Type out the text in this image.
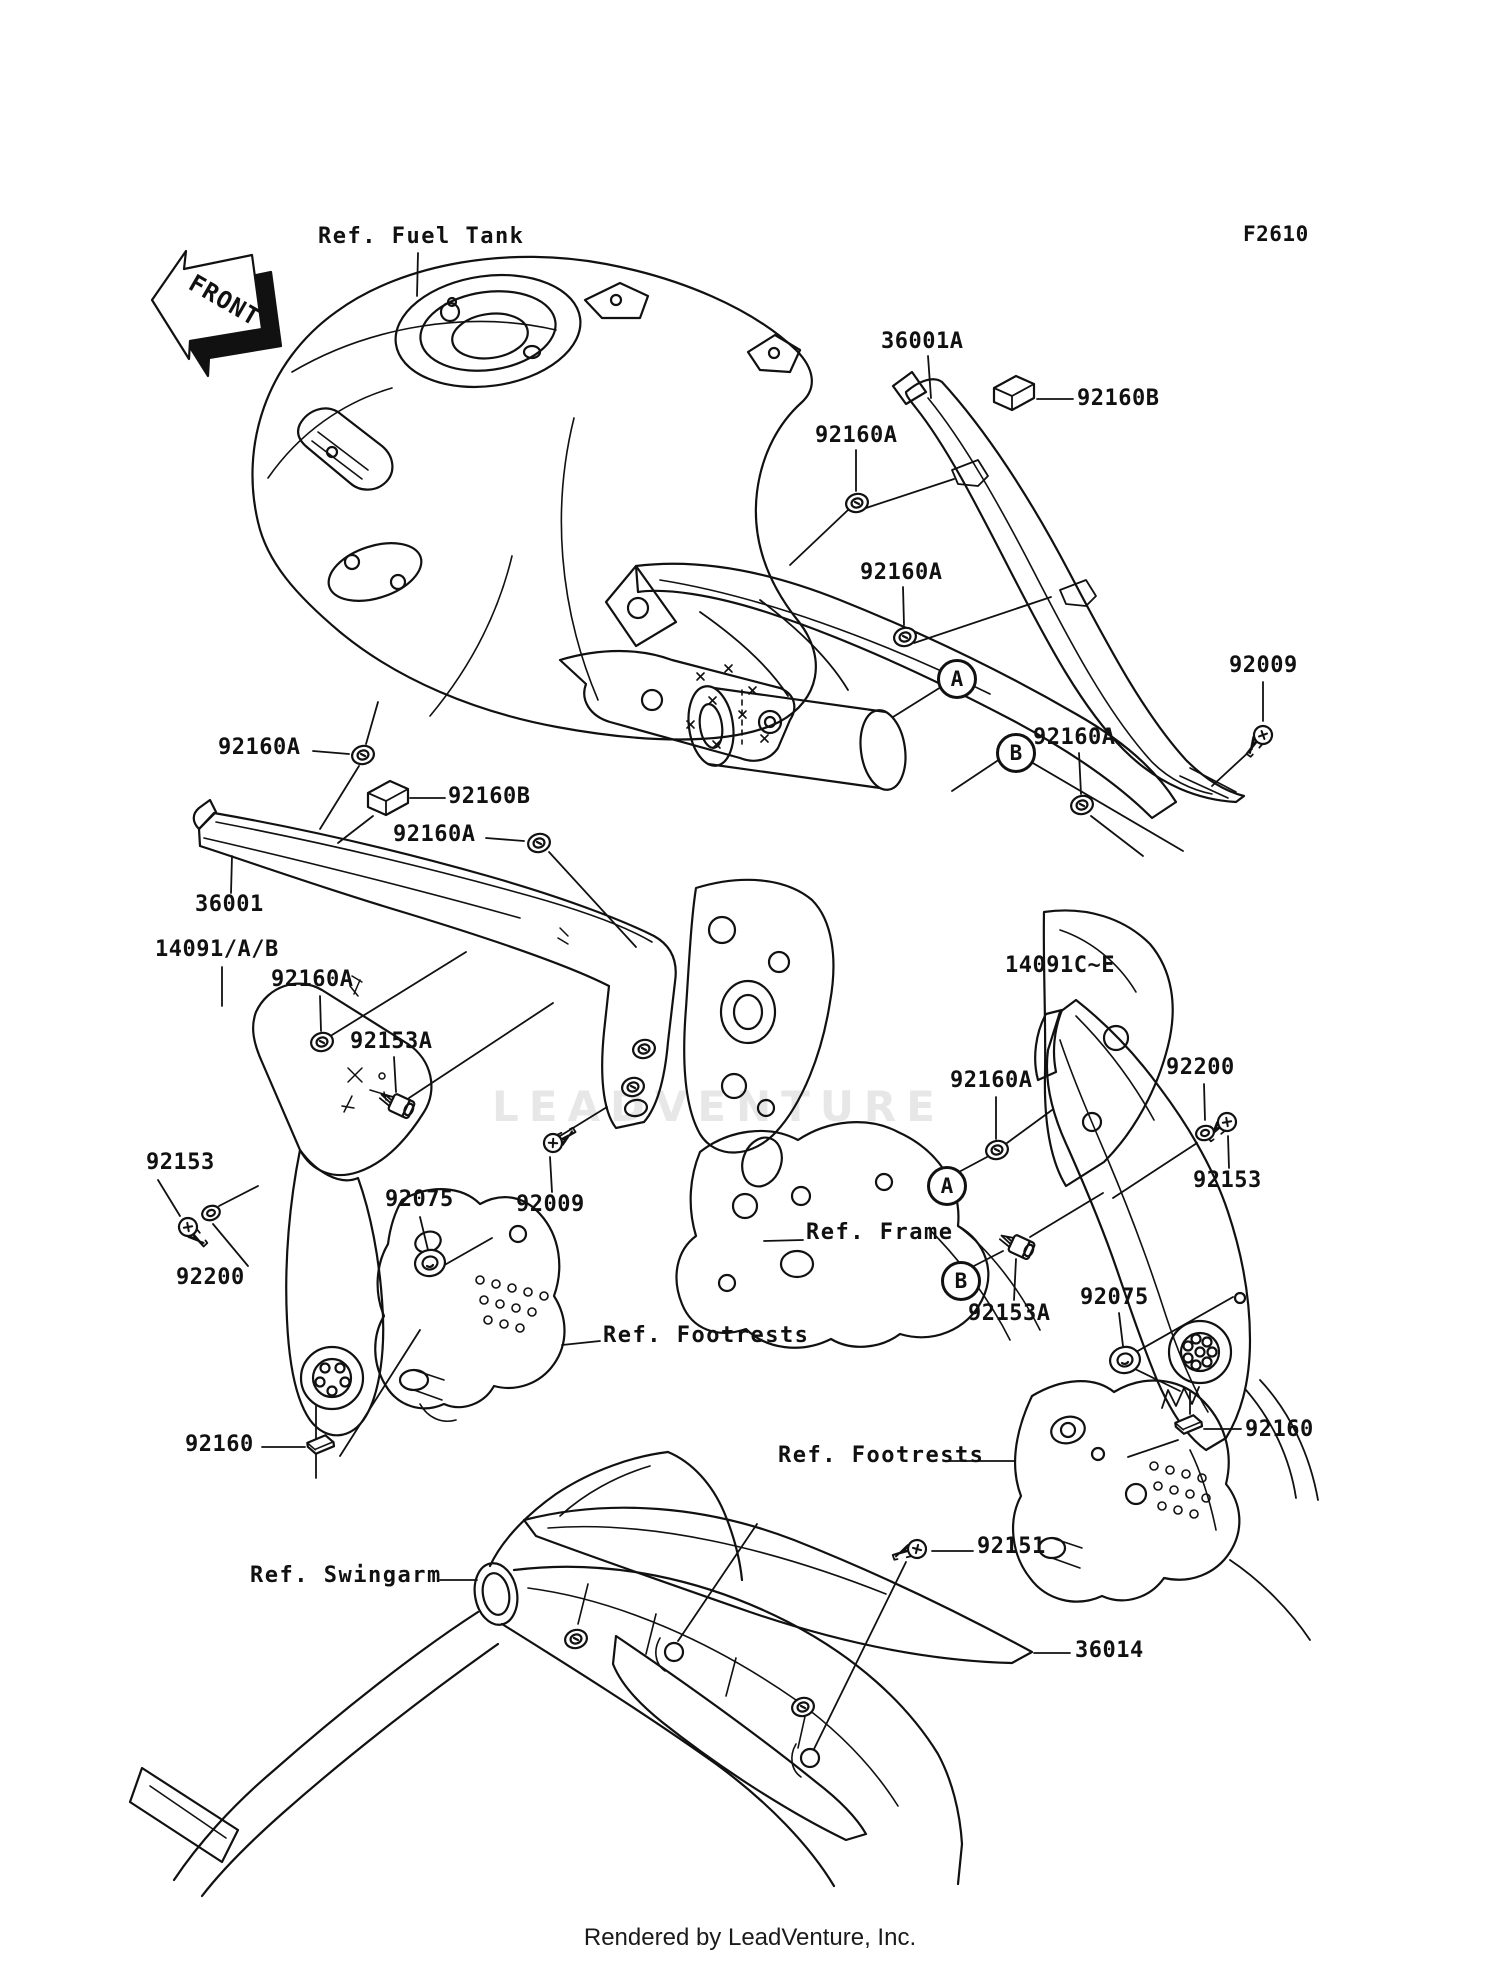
LEADVENTURE
FRONT
Ref. Fuel Tank	F2610
36001A
92160B
92160A
92160A
92009
92160A
92160A
92160B
92160A
36001
14091/A/B
92160A
92153A
14091C~E
92200
92160A
92153
92153
92075	92009
92200
Ref. Frame
Ref. Footrests
92153A
92075
92160
92160
Ref. Footrests
92151
Ref. Swingarm
36014
A
B
A
B
Rendered by LeadVenture, Inc.
